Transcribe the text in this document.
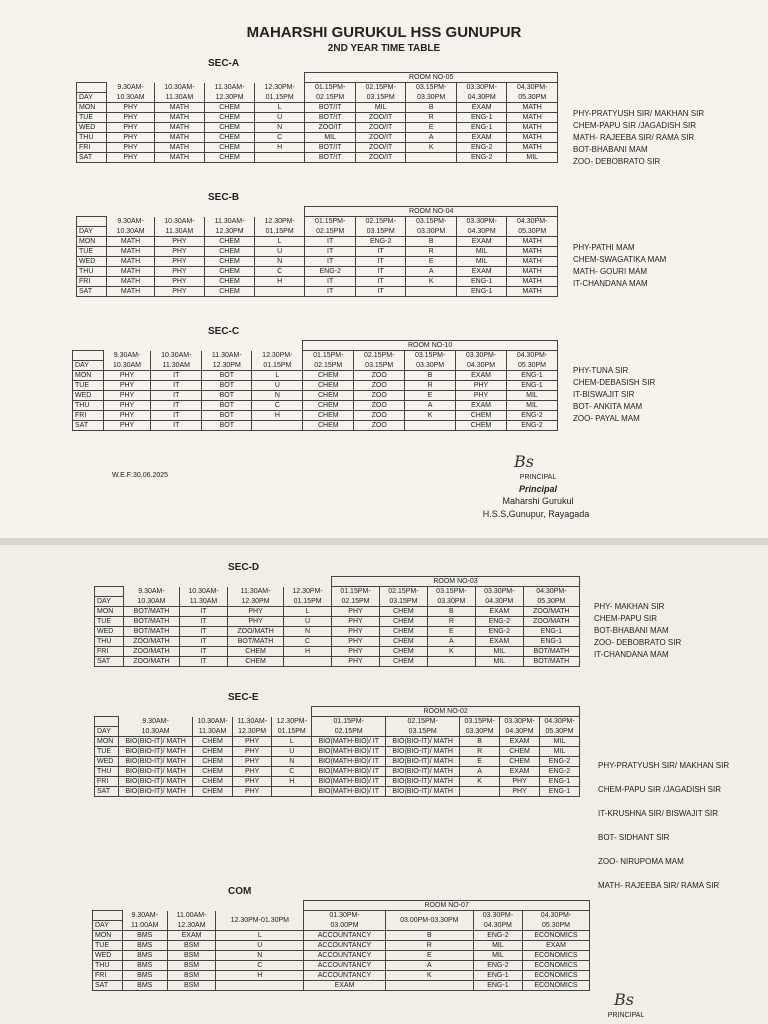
MAHARSHI GURUKUL HSS GUNUPUR
2ND YEAR TIME TABLE
SEC-A
SEC-B
SEC-C
SEC-D
SEC-E
COM
					ROOM NO-05				
	9.30AM-	10.30AM-	11.30AM-	12.30PM-	01.15PM-	02.15PM-	03.15PM-	03.30PM-	04.30PM-
DAY	10.30AM	11.30AM	12.30PM	01.15PM	02.15PM	03.15PM	03.30PM	04.30PM	05.30PM
MON	PHY	MATH	CHEM	L	BOT/IT	MIL	B	EXAM	MATH
TUE	PHY	MATH	CHEM	U	BOT/IT	ZOO/IT	R	ENG-1	MATH
WED	PHY	MATH	CHEM	N	ZOO/IT	ZOO/IT	E	ENG-1	MATH
THU	PHY	MATH	CHEM	C	MIL	ZOO/IT	A	EXAM	MATH
FRI	PHY	MATH	CHEM	H	BOT/IT	ZOO/IT	K	ENG-2	MATH
SAT	PHY	MATH	CHEM		BOT/IT	ZOO/IT		ENG-2	MIL
					ROOM NO-04				
	9.30AM-	10.30AM-	11.30AM-	12.30PM-	01.15PM-	02.15PM-	03.15PM-	03.30PM-	04.30PM-
DAY	10.30AM	11.30AM	12.30PM	01.15PM	02.15PM	03.15PM	03.30PM	04.30PM	05.30PM
MON	MATH	PHY	CHEM	L	IT	ENG-2	B	EXAM	MATH
TUE	MATH	PHY	CHEM	U	IT	IT	R	MIL	MATH
WED	MATH	PHY	CHEM	N	IT	IT	E	MIL	MATH
THU	MATH	PHY	CHEM	C	ENG-2	IT	A	EXAM	MATH
FRI	MATH	PHY	CHEM	H	IT	IT	K	ENG-1	MATH
SAT	MATH	PHY	CHEM		IT	IT		ENG-1	MATH
					ROOM NO-10				
	9.30AM-	10.30AM-	11.30AM-	12.30PM-	01.15PM-	02.15PM-	03.15PM-	03.30PM-	04.30PM-
DAY	10.30AM	11.30AM	12.30PM	01.15PM	02.15PM	03.15PM	03.30PM	04.30PM	05.30PM
MON	PHY	IT	BOT	L	CHEM	ZOO	B	EXAM	ENG-1
TUE	PHY	IT	BOT	U	CHEM	ZOO	R	PHY	ENG-1
WED	PHY	IT	BOT	N	CHEM	ZOO	E	PHY	MIL
THU	PHY	IT	BOT	C	CHEM	ZOO	A	EXAM	MIL
FRI	PHY	IT	BOT	H	CHEM	ZOO	K	CHEM	ENG-2
SAT	PHY	IT	BOT		CHEM	ZOO		CHEM	ENG-2
					ROOM NO-03				
	9.30AM-	10.30AM-	11.30AM-	12.30PM-	01.15PM-	02.15PM-	03.15PM-	03.30PM-	04.30PM-
DAY	10.30AM	11.30AM	12.30PM	01.15PM	02.15PM	03.15PM	03.30PM	04.30PM	05.30PM
MON	BOT/MATH	IT	PHY	L	PHY	CHEM	B	EXAM	ZOO/MATH
TUE	BOT/MATH	IT	PHY	U	PHY	CHEM	R	ENG-2	ZOO/MATH
WED	BOT/MATH	IT	ZOO/MATH	N	PHY	CHEM	E	ENG-2	ENG-1
THU	ZOO/MATH	IT	BOT/MATH	C	PHY	CHEM	A	EXAM	ENG-1
FRI	ZOO/MATH	IT	CHEM	H	PHY	CHEM	K	MIL	BOT/MATH
SAT	ZOO/MATH	IT	CHEM		PHY	CHEM		MIL	BOT/MATH
					ROOM NO-02				
	9.30AM-	10.30AM-	11.30AM-	12.30PM-	01.15PM-	02.15PM-	03.15PM-	03.30PM-	04.30PM-
DAY	10.30AM	11.30AM	12.30PM	01.15PM	02.15PM	03.15PM	03.30PM	04.30PM	05.30PM
MON	BIO(BIO-IT)/ MATH	CHEM	PHY	L	BIO(MATH-BIO)/ IT	BIO(BIO-IT)/ MATH	B	EXAM	MIL
TUE	BIO(BIO-IT)/ MATH	CHEM	PHY	U	BIO(MATH-BIO)/ IT	BIO(BIO-IT)/ MATH	R	CHEM	MIL
WED	BIO(BIO-IT)/ MATH	CHEM	PHY	N	BIO(MATH-BIO)/ IT	BIO(BIO-IT)/ MATH	E	CHEM	ENG-2
THU	BIO(BIO-IT)/ MATH	CHEM	PHY	C	BIO(MATH-BIO)/ IT	BIO(BIO-IT)/ MATH	A	EXAM	ENG-2
FRI	BIO(BIO-IT)/ MATH	CHEM	PHY	H	BIO(MATH-BIO)/ IT	BIO(BIO-IT)/ MATH	K	PHY	ENG-1
SAT	BIO(BIO-IT)/ MATH	CHEM	PHY		BIO(MATH-BIO)/ IT	BIO(BIO-IT)/ MATH		PHY	ENG-1
				ROOM NO-07			
	9.30AM-	11.00AM-	12.30PM-01.30PM	01.30PM-	03.00PM-03.30PM	03.30PM-	04.30PM-
DAY	11.00AM	12.30AM		03.00PM		04.30PM	05.30PM
MON	BMS	EXAM	L	ACCOUNTANCY	B	ENG-2	ECONOMICS
TUE	BMS	BSM	U	ACCOUNTANCY	R	MIL	EXAM
WED	BMS	BSM	N	ACCOUNTANCY	E	MIL	ECONOMICS
THU	BMS	BSM	C	ACCOUNTANCY	A	ENG-2	ECONOMICS
FRI	BMS	BSM	H	ACCOUNTANCY	K	ENG-1	ECONOMICS
SAT	BMS	BSM		EXAM		ENG-1	ECONOMICS
PHY-PRATYUSH SIR/ MAKHAN SIR
CHEM-PAPU SIR /JAGADISH SIR
MATH- RAJEEBA SIR/ RAMA SIR
BOT-BHABANI MAM
ZOO- DEBOBRATO SIR
PHY-PATHI MAM
CHEM-SWAGATIKA MAM
MATH- GOURI MAM
IT-CHANDANA MAM
PHY-TUNA SIR
CHEM-DEBASISH SIR
IT-BISWAJIT SIR
BOT- ANKITA MAM
ZOO- PAYAL MAM
PHY- MAKHAN SIR
CHEM-PAPU SIR
BOT-BHABANI MAM
ZOO- DEBOBRATO SIR
IT-CHANDANA MAM
PHY-PRATYUSH SIR/ MAKHAN SIR
CHEM-PAPU SIR /JAGADISH SIR
IT-KRUSHNA SIR/ BISWAJIT SIR
BOT- SIDHANT SIR
ZOO- NIRUPOMA MAM
MATH- RAJEEBA SIR/ RAMA SIR
W.E.F:30.06.2025
Bs
PRINCIPAL
Principal
Maharshi Gurukul
H.S.S,Gunupur, Rayagada
Bs
PRINCIPAL
